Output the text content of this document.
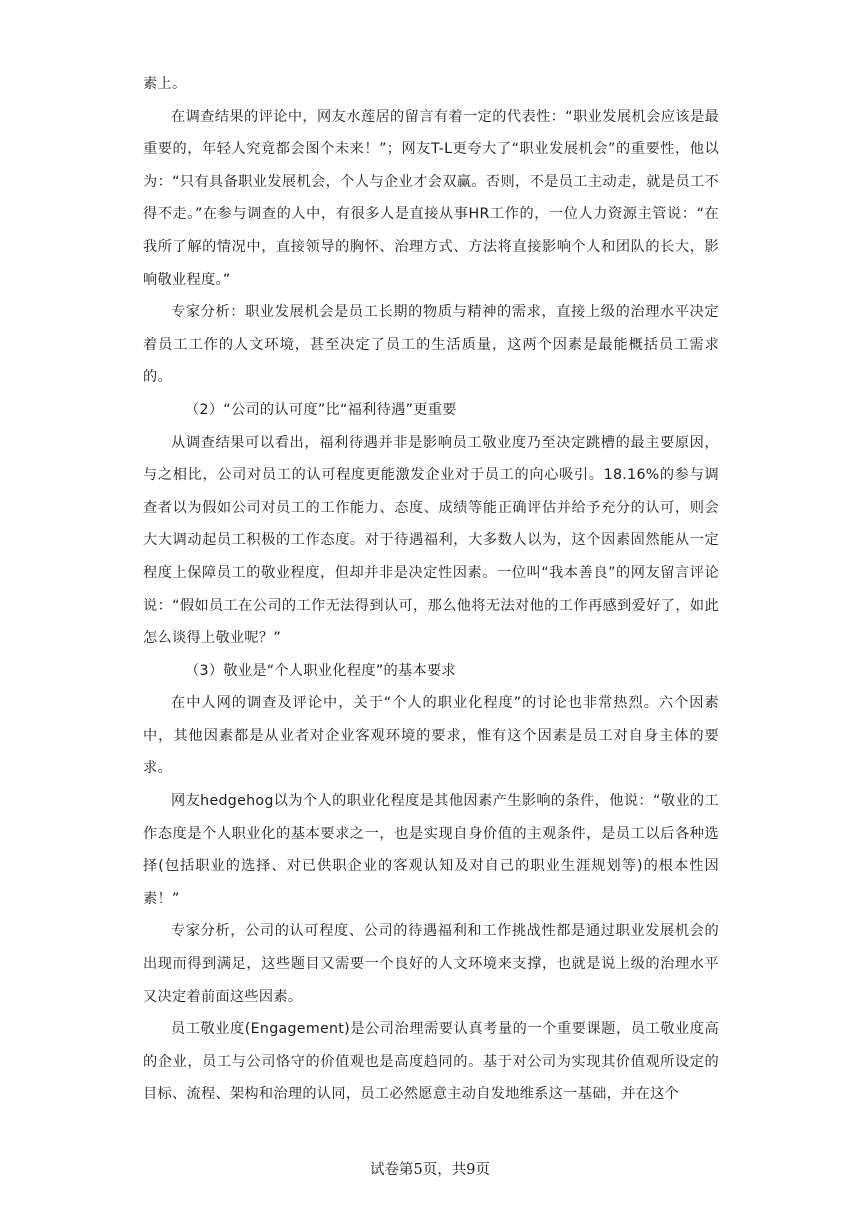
素上。

在调查结果的评论中，网友水莲居的留言有着一定的代表性：“职业发展机会应该是最重要的，年轻人究竟都会图个未来！”；网友T-L更夸大了“职业发展机会”的重要性，他以为：“只有具备职业发展机会，个人与企业才会双赢。否则，不是员工主动走，就是员工不得不走。”在参与调查的人中，有很多人是直接从事HR工作的，一位人力资源主管说：“在我所了解的情况中，直接领导的胸怀、治理方式、方法将直接影响个人和团队的长大，影响敬业程度。”

专家分析：职业发展机会是员工长期的物质与精神的需求，直接上级的治理水平决定着员工工作的人文环境，甚至决定了员工的生活质量，这两个因素是最能概括员工需求的。

（2）“公司的认可度”比“福利待遇”更重要

从调查结果可以看出，福利待遇并非是影响员工敬业度乃至决定跳槽的最主要原因，与之相比，公司对员工的认可程度更能激发企业对于员工的向心吸引。18.16%的参与调查者以为假如公司对员工的工作能力、态度、成绩等能正确评估并给予充分的认可，则会大大调动起员工积极的工作态度。对于待遇福利，大多数人以为，这个因素固然能从一定程度上保障员工的敬业程度，但却并非是决定性因素。一位叫“我本善良”的网友留言评论说：“假如员工在公司的工作无法得到认可，那么他将无法对他的工作再感到爱好了，如此怎么谈得上敬业呢？”

（3）敬业是“个人职业化程度”的基本要求

在中人网的调查及评论中，关于“个人的职业化程度”的讨论也非常热烈。六个因素中，其他因素都是从业者对企业客观环境的要求，惟有这个因素是员工对自身主体的要求。

网友hedgehog以为个人的职业化程度是其他因素产生影响的条件，他说：“敬业的工作态度是个人职业化的基本要求之一，也是实现自身价值的主观条件，是员工以后各种选择(包括职业的选择、对已供职企业的客观认知及对自己的职业生涯规划等)的根本性因素！”

专家分析，公司的认可程度、公司的待遇福利和工作挑战性都是通过职业发展机会的出现而得到满足，这些题目又需要一个良好的人文环境来支撑，也就是说上级的治理水平又决定着前面这些因素。

员工敬业度(Engagement)是公司治理需要认真考量的一个重要课题，员工敬业度高的企业，员工与公司恪守的价值观也是高度趋同的。基于对公司为实现其价值观所设定的目标、流程、架构和治理的认同，员工必然愿意主动自发地维系这一基础，并在这个

试卷第5页，共9页
